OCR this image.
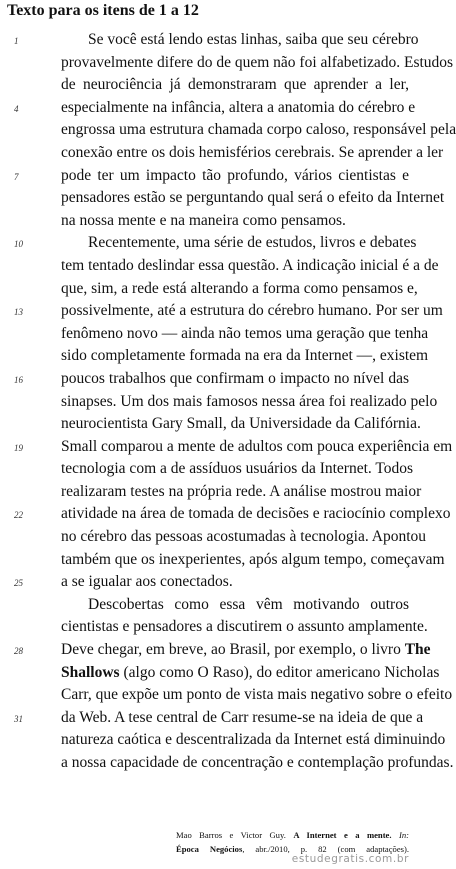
Texto para os itens de 1 a 12
1	Se você está lendo estas linhas, saiba que seu cérebro
provavelmente difere do de quem não foi alfabetizado. Estudos
de neurociência já demonstraram que aprender a ler,
4	especialmente na infância, altera a anatomia do cérebro e
engrossa uma estrutura chamada corpo caloso, responsável pela
conexão entre os dois hemisférios cerebrais. Se aprender a ler
7	pode ter um impacto tão profundo, vários cientistas e
pensadores estão se perguntando qual será o efeito da Internet
na nossa mente e na maneira como pensamos.
10	Recentemente, uma série de estudos, livros e debates
tem tentado deslindar essa questão. A indicação inicial é a de
que, sim, a rede está alterando a forma como pensamos e,
13	possivelmente, até a estrutura do cérebro humano. Por ser um
fenômeno novo — ainda não temos uma geração que tenha
sido completamente formada na era da Internet —, existem
16	poucos trabalhos que confirmam o impacto no nível das
sinapses. Um dos mais famosos nessa área foi realizado pelo
neurocientista Gary Small, da Universidade da Califórnia.
19	Small comparou a mente de adultos com pouca experiência em
tecnologia com a de assíduos usuários da Internet. Todos
realizaram testes na própria rede. A análise mostrou maior
22	atividade na área de tomada de decisões e raciocínio complexo
no cérebro das pessoas acostumadas à tecnologia. Apontou
também que os inexperientes, após algum tempo, começavam
25	a se igualar aos conectados.
Descobertas como essa vêm motivando outros
cientistas e pensadores a discutirem o assunto amplamente.
28	Deve chegar, em breve, ao Brasil, por exemplo, o livro The
Shallows (algo como O Raso), do editor americano Nicholas
Carr, que expõe um ponto de vista mais negativo sobre o efeito
31	da Web. A tese central de Carr resume-se na ideia de que a
natureza caótica e descentralizada da Internet está diminuindo
a nossa capacidade de concentração e contemplação profundas.
Mao Barros e Victor Guy. A Internet e a mente. In:

Época Negócios, abr./2010, p. 82 (com adaptações).
estudegratis.com.br
